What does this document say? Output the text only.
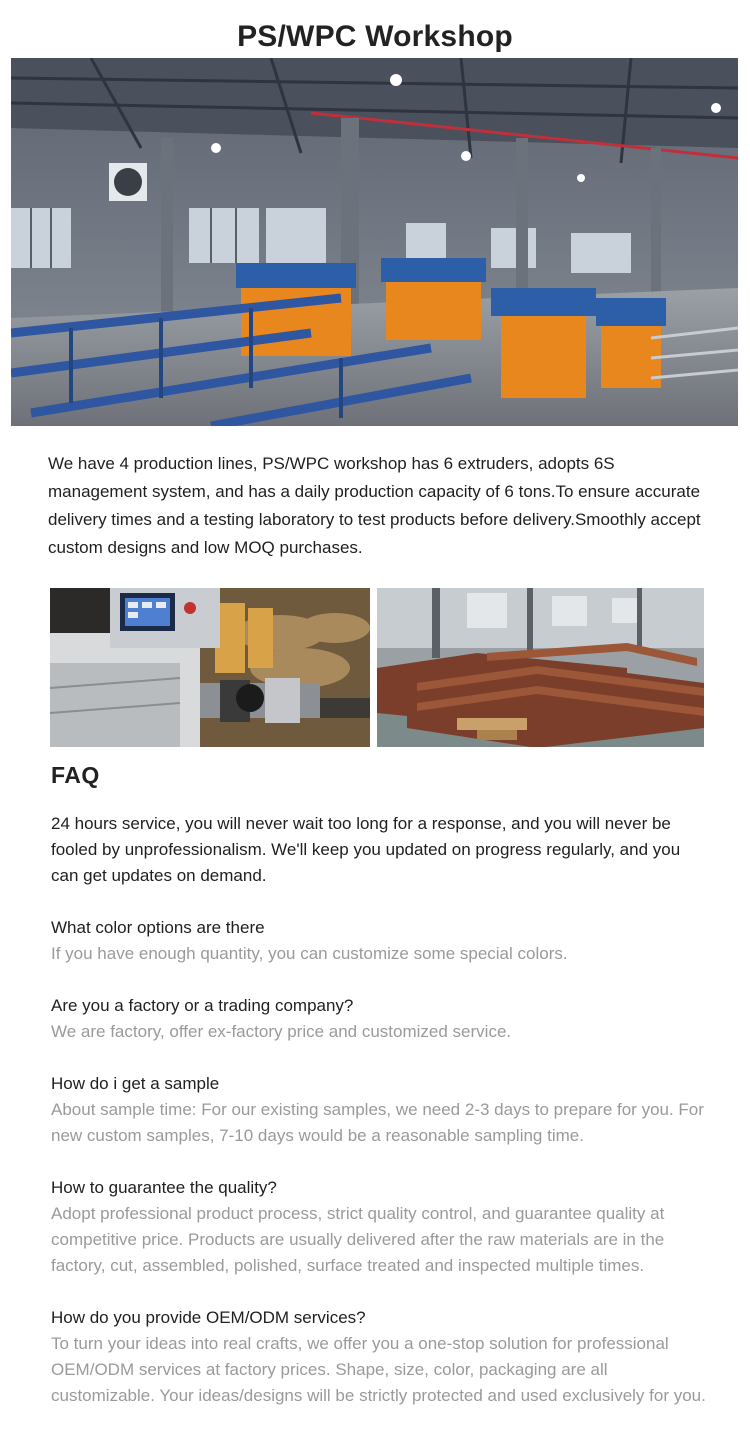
PS/WPC Workshop

We have 4 production lines, PS/WPC workshop has 6 extruders, adopts 6S management system, and has a daily production capacity of 6 tons.To ensure accurate delivery times and a testing laboratory to test products before delivery.Smoothly accept custom designs and low MOQ purchases.

FAQ

24 hours service, you will never wait too long for a response, and you will never be fooled by unprofessionalism. We'll keep you updated on progress regularly, and you can get updates on demand.

What color options are there

If you have enough quantity, you can customize some special colors.

Are you a factory or a trading company?

We are factory, offer ex-factory price and customized service.

How do i get a sample

About sample time: For our existing samples, we need 2-3 days to prepare for you. For new custom samples, 7-10 days would be a reasonable sampling time.

How to guarantee the quality?

Adopt professional product process, strict quality control, and guarantee quality at competitive price. Products are usually delivered after the raw materials are in the factory, cut, assembled, polished, surface treated and inspected multiple times.

How do you provide OEM/ODM services?

To turn your ideas into real crafts, we offer you a one-stop solution for professional OEM/ODM services at factory prices. Shape, size, color, packaging are all customizable. Your ideas/designs will be strictly protected and used exclusively for you.
